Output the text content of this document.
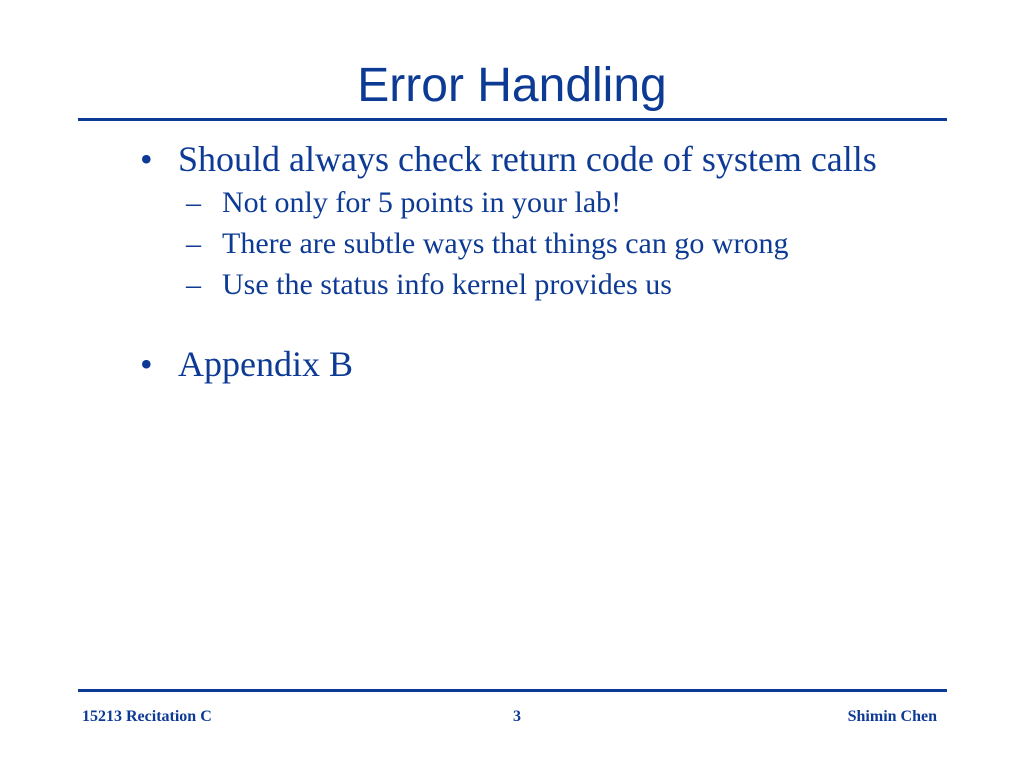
Error Handling
• Should always check return code of system calls
– Not only for 5 points in your lab!
– There are subtle ways that things can go wrong
– Use the status info kernel provides us
• Appendix B
15213 Recitation C	3	Shimin Chen
